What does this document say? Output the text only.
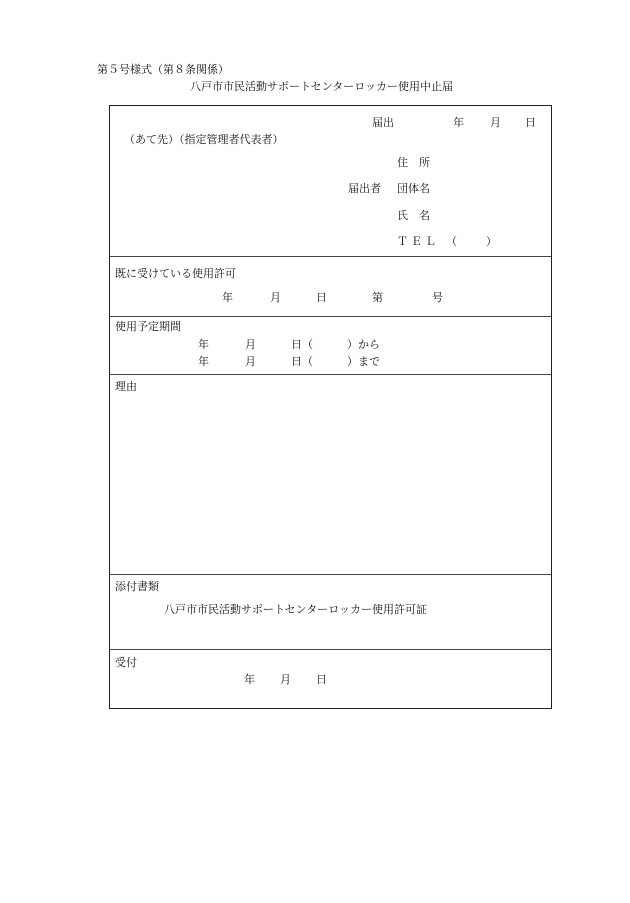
第５号様式（第８条関係）
八戸市市民活動サポートセンターロッカー使用中止届
届出	年 月 日
（あて先）（指定管理者代表者）
住　所
届出者 団体名
氏　名
ＴＥＬ （	）
既に受けている使用許可
年	月	日	第	号
使用予定期間
年	月	日（	）から
年	月	日（	）まで
理由
添付書類
八戸市市民活動サポートセンターロッカー使用許可証
受付
年 月 日
